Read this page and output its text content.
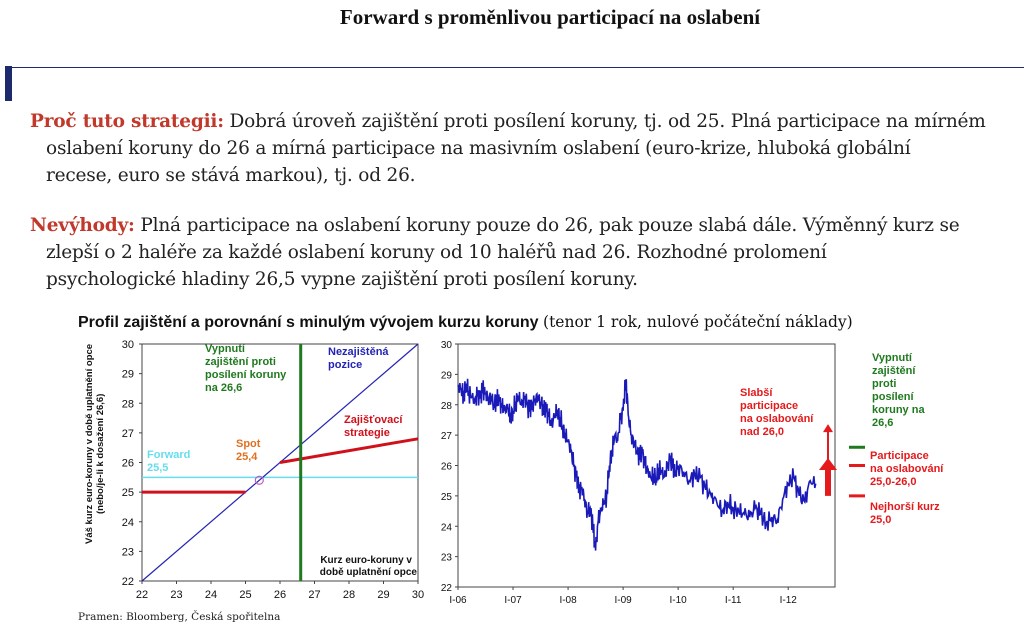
Forward s proměnlivou participací na oslabení
Proč tuto strategii: Dobrá úroveň zajištění proti posílení koruny, tj. od 25. Plná participace na mírném
oslabení koruny do 26 a mírná participace na masivním oslabení (euro-krize, hluboká globální
recese, euro se stává markou), tj. od 26.
Nevýhody: Plná participace na oslabení koruny pouze do 26, pak pouze slabá dále. Výměnný kurz se
zlepší o 2 haléře za každé oslabení koruny od 10 haléřů nad 26. Rozhodné prolomení
psychologické hladiny 26,5 vypne zajištění proti posílení koruny.
Profil zajištění a porovnání s minulým vývojem kurzu koruny (tenor 1 rok, nulové počáteční náklady)
Váš kurz euro-koruny v době uplatnění opce (nebo/je-li k dosažení 26,6)
22 23 24 25 26 27 28 29 30
22
23
24
25
26
27
28
29
30	Vypnutí zajištění proti posílení koruny na 26,6
Nezajištěná pozice
Zajišťovací strategie
Forward 25,5
Spot 25,4
Kurz euro-koruny v
době uplatnění opce
22
23
24
25
26
27
28
29
30
I-06	I-07	I-08	I-09	I-10	I-11	I-12
Slabší participace na oslabování nad 26,0
Vypnutí
zajištění
proti
posílení
koruny na
26,6
Participace
na oslabování
25,0-26,0
Nejhorší kurz
25,0
Pramen: Bloomberg, Česká spořitelna
